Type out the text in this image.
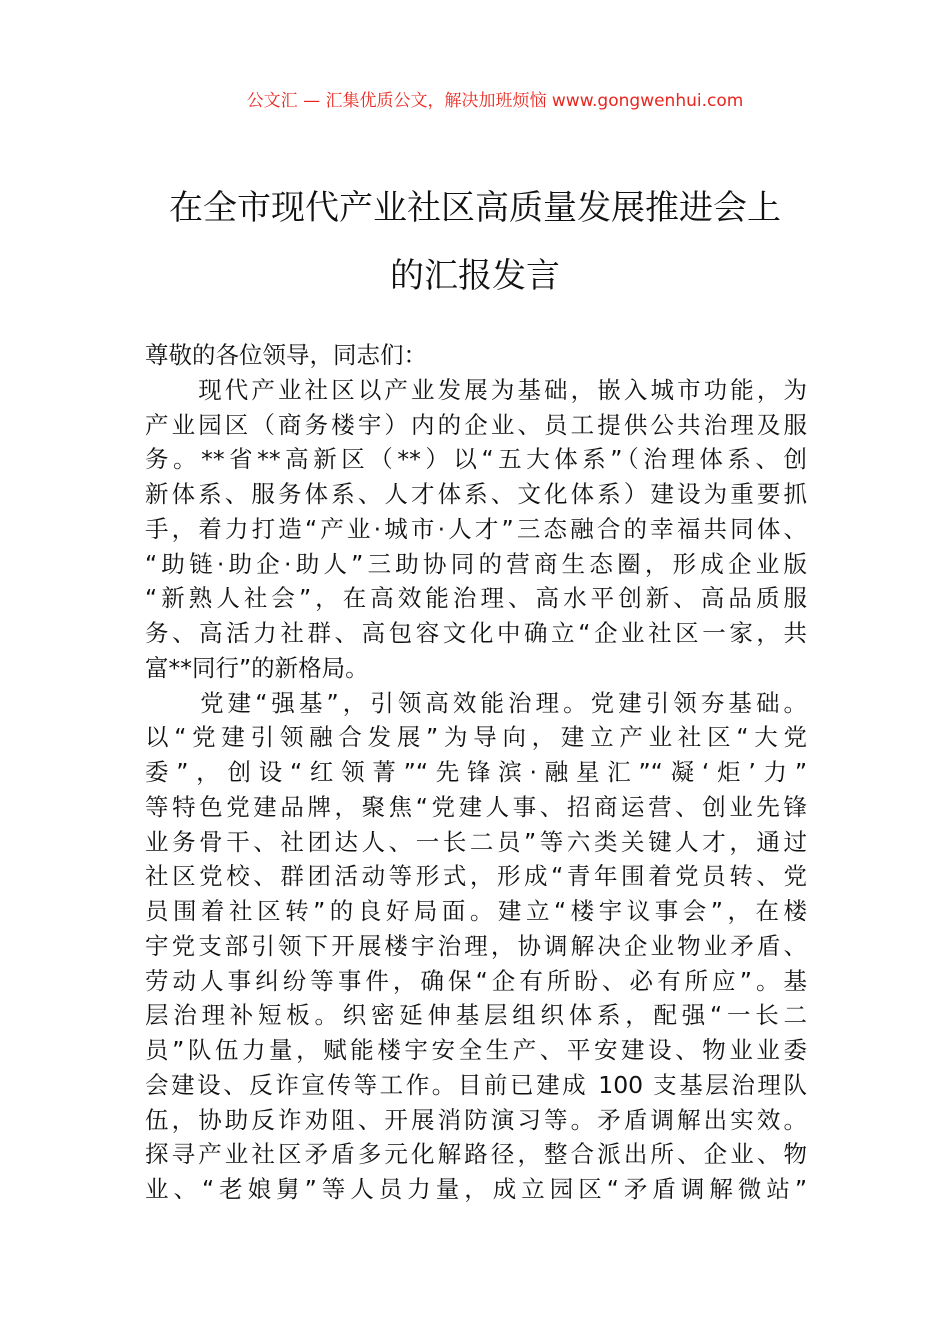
公文汇 — 汇集优质公文，解决加班烦恼 www.gongwenhui.com
在全市现代产业社区高质量发展推进会上
的汇报发言
尊敬的各位领导，同志们：
　　现代产业社区以产业发展为基础，嵌入城市功能，为
产业园区（商务楼宇）内的企业、员工提供公共治理及服
务。**省**高新区（**）以“五大体系”（治理体系、创
新体系、服务体系、人才体系、文化体系）建设为重要抓
手，着力打造“产业·城市·人才”三态融合的幸福共同体、
“助链·助企·助人”三助协同的营商生态圈，形成企业版
“新熟人社会”，在高效能治理、高水平创新、高品质服
务、高活力社群、高包容文化中确立“企业社区一家，共
富**同行”的新格局。
　　党建“强基”，引领高效能治理。党建引领夯基础。
以“党建引领融合发展”为导向，建立产业社区“大党
委”，创设“红领菁”“先锋滨·融星汇”“凝‘炬’力”
等特色党建品牌，聚焦“党建人事、招商运营、创业先锋
业务骨干、社团达人、一长二员”等六类关键人才，通过
社区党校、群团活动等形式，形成“青年围着党员转、党
员围着社区转”的良好局面。建立“楼宇议事会”，在楼
宇党支部引领下开展楼宇治理，协调解决企业物业矛盾、
劳动人事纠纷等事件，确保“企有所盼、必有所应”。基
层治理补短板。织密延伸基层组织体系，配强“一长二
员”队伍力量，赋能楼宇安全生产、平安建设、物业业委
会建设、反诈宣传等工作。目前已建成 100 支基层治理队
伍，协助反诈劝阻、开展消防演习等。矛盾调解出实效。
探寻产业社区矛盾多元化解路径，整合派出所、企业、物
业、“老娘舅”等人员力量，成立园区“矛盾调解微站”
